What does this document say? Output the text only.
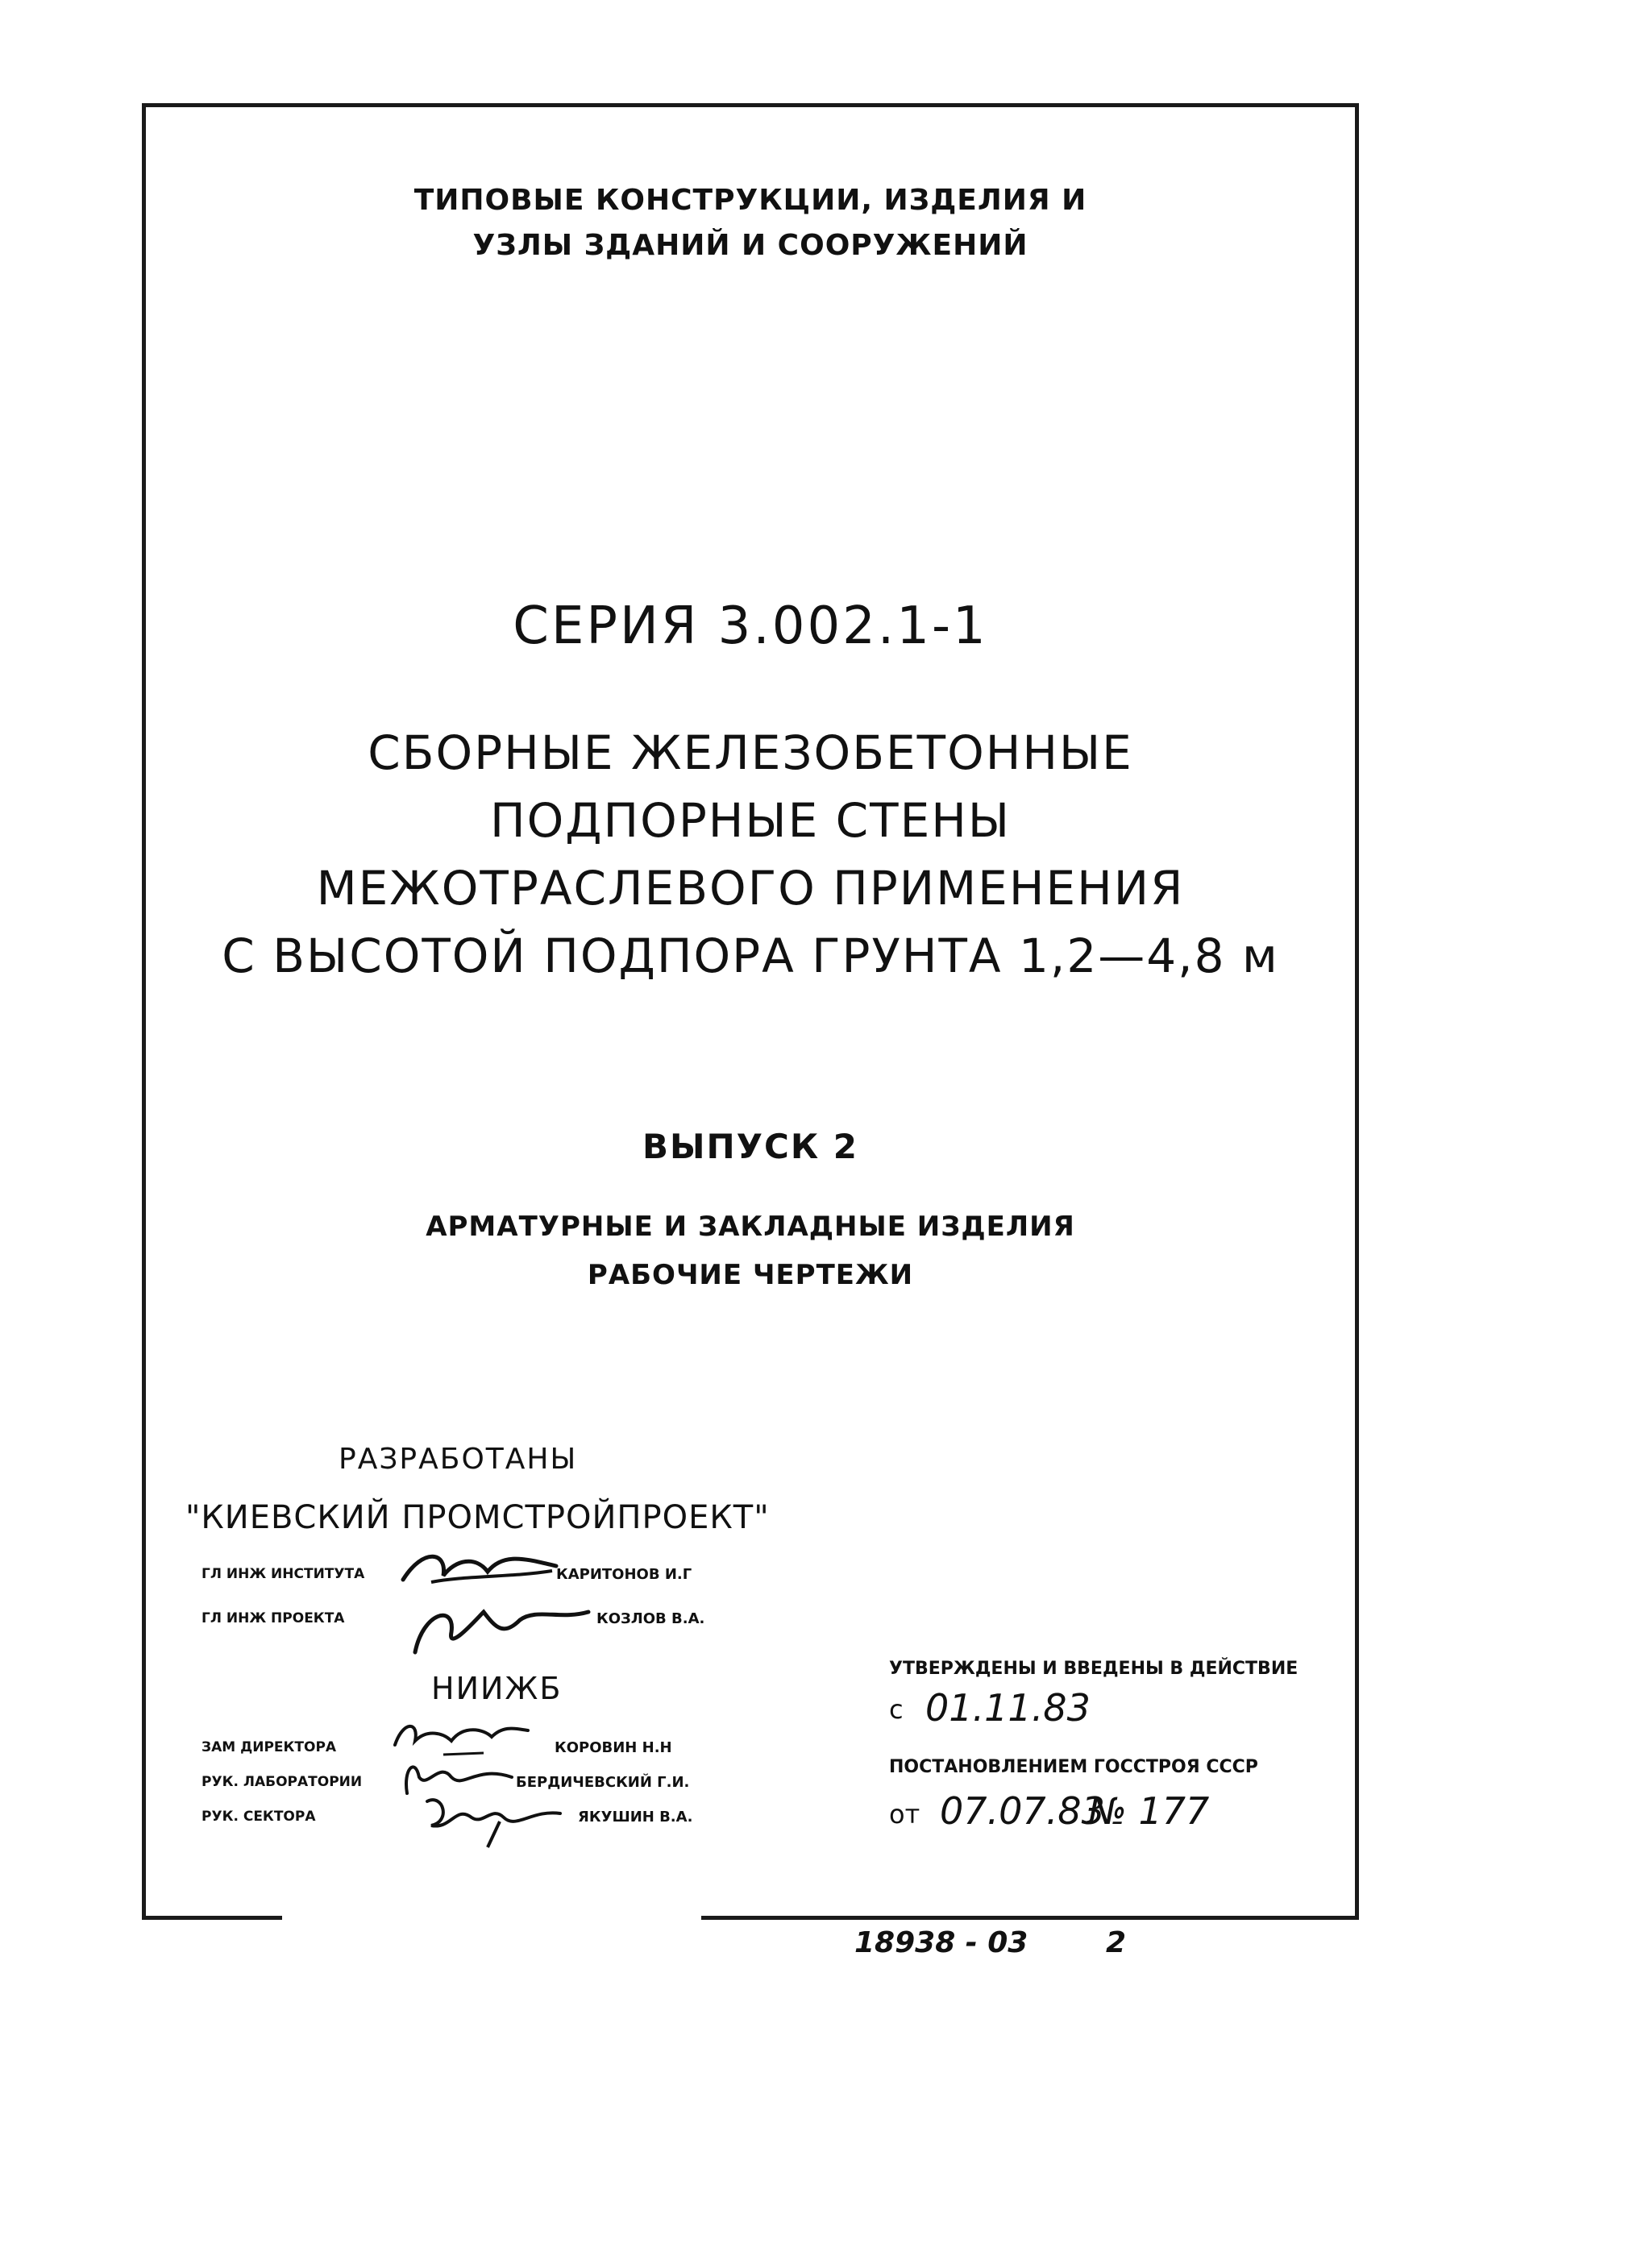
ТИПОВЫЕ КОНСТРУКЦИИ, ИЗДЕЛИЯ И
УЗЛЫ ЗДАНИЙ И СООРУЖЕНИЙ
СЕРИЯ 3.002.1-1
СБОРНЫЕ ЖЕЛЕЗОБЕТОННЫЕ
ПОДПОРНЫЕ СТЕНЫ
МЕЖОТРАСЛЕВОГО ПРИМЕНЕНИЯ
С ВЫСОТОЙ ПОДПОРА ГРУНТА 1,2—4,8 м
ВЫПУСК 2
АРМАТУРНЫЕ И ЗАКЛАДНЫЕ ИЗДЕЛИЯ
РАБОЧИЕ ЧЕРТЕЖИ
РАЗРАБОТАНЫ
"КИЕВСКИЙ ПРОМСТРОЙПРОЕКТ"
ГЛ ИНЖ ИНСТИТУТА	КАРИТОНОВ И.Г
ГЛ ИНЖ ПРОЕКТА	КОЗЛОВ В.А.
НИИЖБ
ЗАМ ДИРЕКТОРА	КОРОВИН Н.Н
РУК. ЛАБОРАТОРИИ	БЕРДИЧЕВСКИЙ Г.И.
РУК. СЕКТОРА	ЯКУШИН В.А.
УТВЕРЖДЕНЫ И ВВЕДЕНЫ В ДЕЙСТВИЕ
с 01.11.83
ПОСТАНОВЛЕНИЕМ ГОССТРОЯ СССР
от 07.07.83
№ 177
18938 - 03	2
